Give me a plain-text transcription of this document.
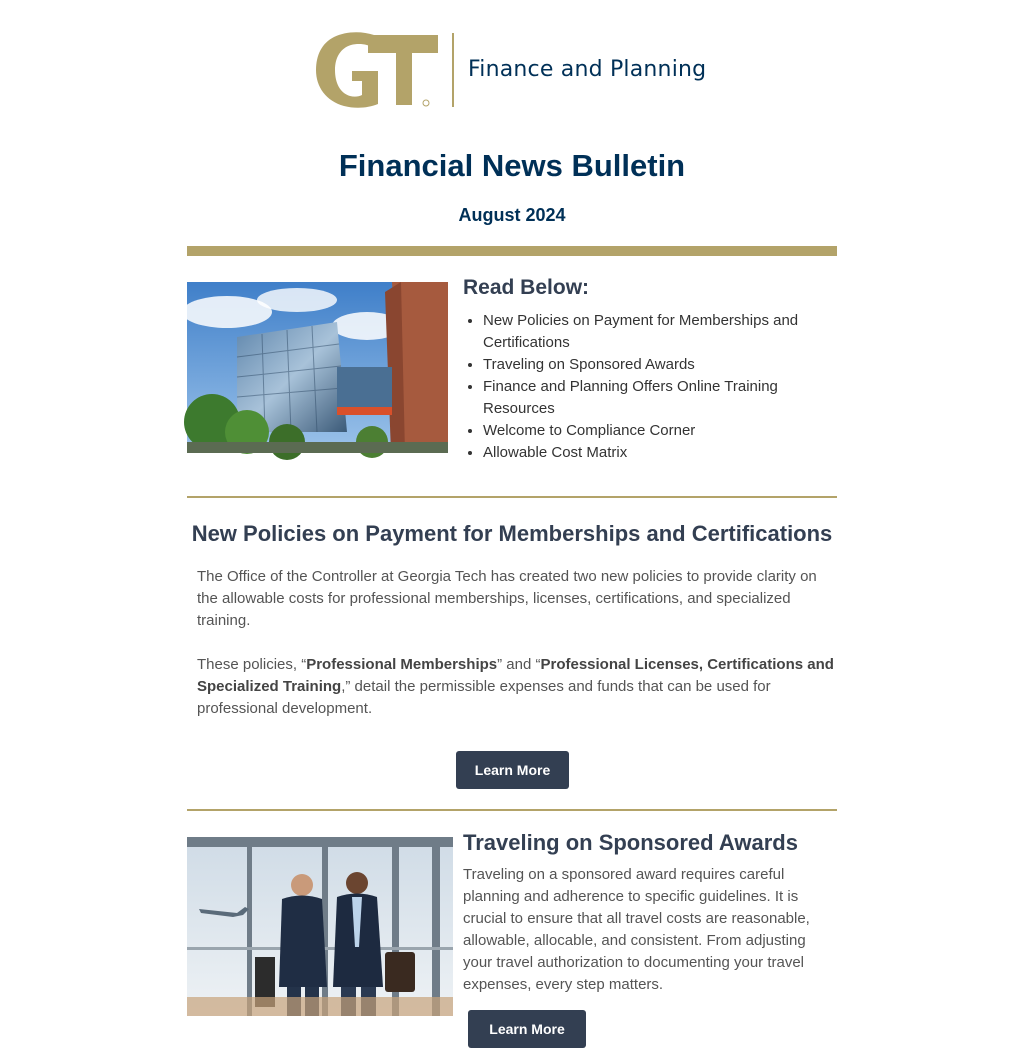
Finance and Planning
Financial News Bulletin
August 2024
Read Below:
• New Policies on Payment for Memberships and Certifications
• Traveling on Sponsored Awards
• Finance and Planning Offers Online Training Resources
• Welcome to Compliance Corner
• Allowable Cost Matrix
New Policies on Payment for Memberships and Certifications

The Office of the Controller at Georgia Tech has created two new policies to provide clarity on the allowable costs for professional memberships, licenses, certifications, and specialized training.

These policies, “Professional Memberships” and “Professional Licenses, Certifications and Specialized Training,” detail the permissible expenses and funds that can be used for professional development.

Learn More
Traveling on Sponsored Awards

Traveling on a sponsored award requires careful planning and adherence to specific guidelines. It is crucial to ensure that all travel costs are reasonable, allowable, allocable, and consistent. From adjusting your travel authorization to documenting your travel expenses, every step matters.

Learn More
